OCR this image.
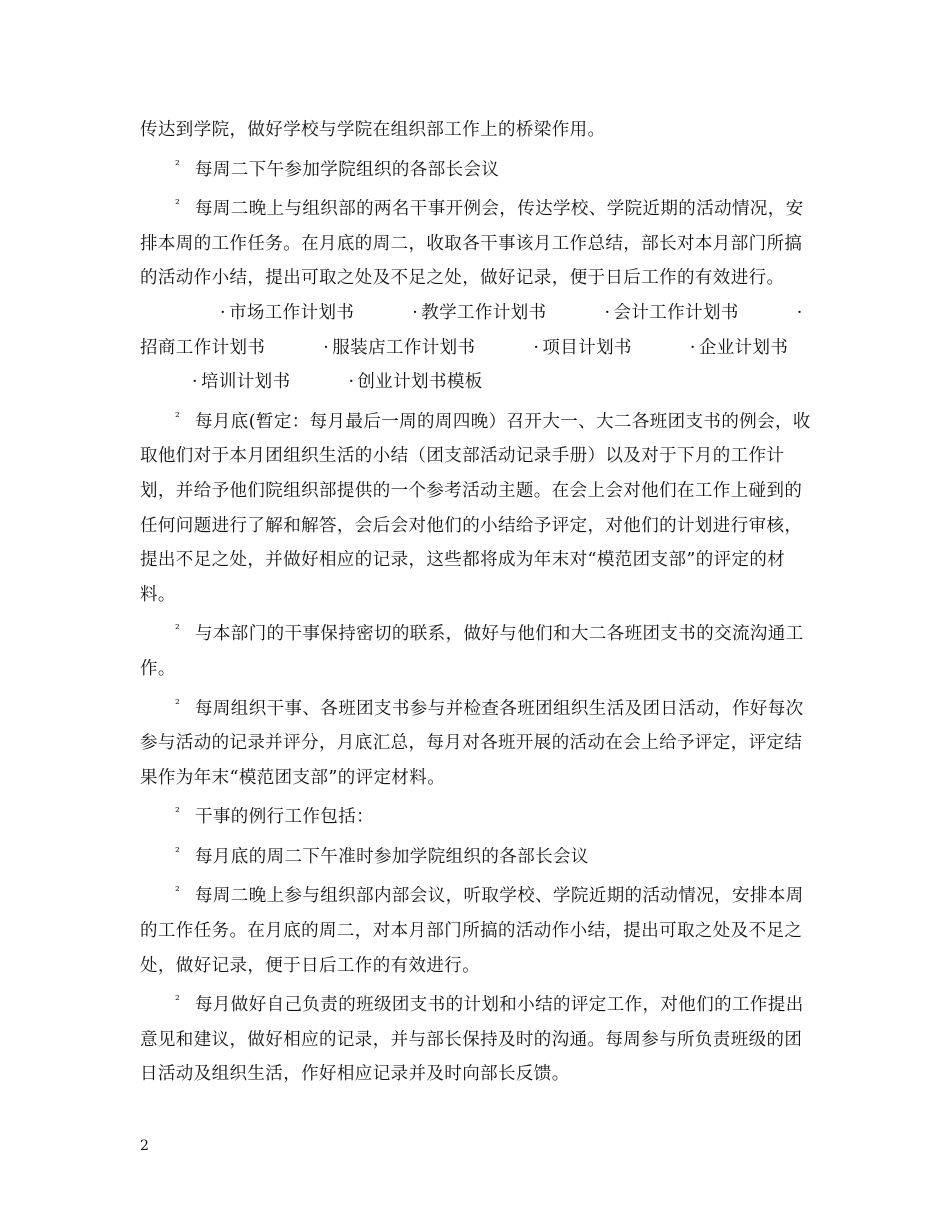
传达到学院，做好学校与学院在组织部工作上的桥梁作用。

² 每周二下午参加学院组织的各部长会议

² 每周二晚上与组织部的两名干事开例会，传达学校、学院近期的活动情况，安排本周的工作任务。在月底的周二，收取各干事该月工作总结，部长对本月部门所搞的活动作小结，提出可取之处及不足之处，做好记录，便于日后工作的有效进行。

· 市场工作计划书	· 教学工作计划书	· 会计工作计划书	·招商工作计划书	· 服装店工作计划书	· 项目计划书	· 企业计划书 · 培训计划书	· 创业计划书模板

² 每月底(暂定：每月最后一周的周四晚）召开大一、大二各班团支书的例会，收取他们对于本月团组织生活的小结（团支部活动记录手册）以及对于下月的工作计划，并给予他们院组织部提供的一个参考活动主题。在会上会对他们在工作上碰到的任何问题进行了解和解答，会后会对他们的小结给予评定，对他们的计划进行审核，提出不足之处，并做好相应的记录，这些都将成为年末对“模范团支部”的评定的材料。

² 与本部门的干事保持密切的联系，做好与他们和大二各班团支书的交流沟通工作。

² 每周组织干事、各班团支书参与并检查各班团组织生活及团日活动，作好每次参与活动的记录并评分，月底汇总，每月对各班开展的活动在会上给予评定，评定结果作为年末“模范团支部”的评定材料。

² 干事的例行工作包括：

² 每月底的周二下午准时参加学院组织的各部长会议

² 每周二晚上参与组织部内部会议，听取学校、学院近期的活动情况，安排本周的工作任务。在月底的周二，对本月部门所搞的活动作小结，提出可取之处及不足之处，做好记录，便于日后工作的有效进行。

² 每月做好自己负责的班级团支书的计划和小结的评定工作，对他们的工作提出意见和建议，做好相应的记录，并与部长保持及时的沟通。每周参与所负责班级的团日活动及组织生活，作好相应记录并及时向部长反馈。

2
